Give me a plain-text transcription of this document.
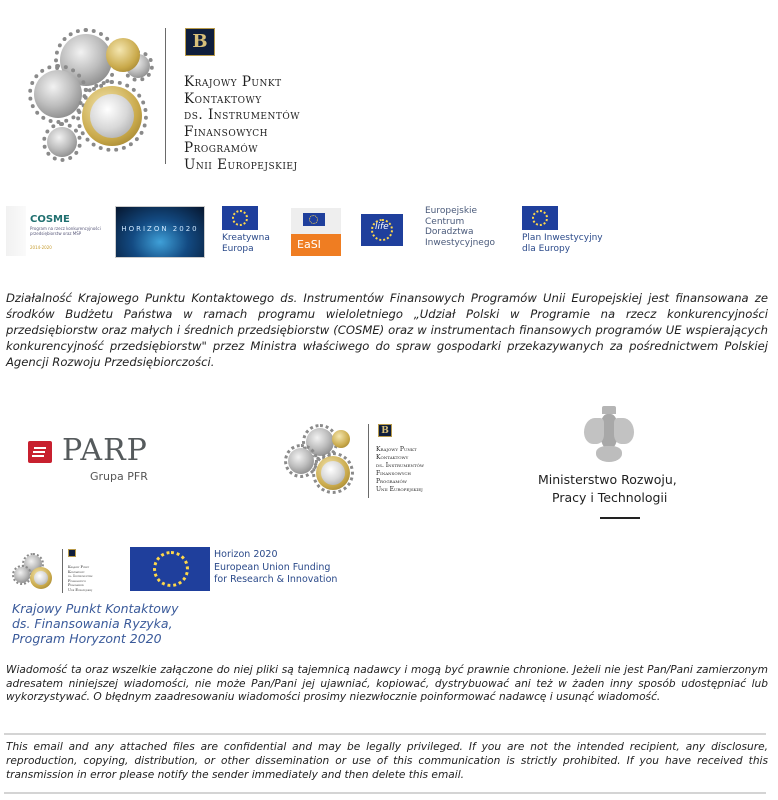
B
Krajowy Punkt
Kontaktowy
ds. Instrumentów
Finansowych
Programów
Unii Europejskiej
COSME
Program na rzecz konkurencyjności przedsiębiorstw oraz MŚP
2014-2020
HORIZON 2020
Kreatywna
Europa	EaSI
life
Europejskie
Centrum
Doradztwa
Inwestycyjnego	Plan Inwestycyjny
dla Europy

Działalność Krajowego Punktu Kontaktowego ds. Instrumentów Finansowych Programów Unii Europejskiej jest finansowana ze środków Budżetu Państwa w ramach programu wieloletniego „Udział Polski w Programie na rzecz konkurencyjności przedsiębiorstw oraz małych i średnich przedsiębiorstw (COSME) oraz w instrumentach finansowych programów UE wspierających konkurencyjność przedsiębiorstw" przez Ministra właściwego do spraw gospodarki przekazywanych za pośrednictwem Polskiej Agencji Rozwoju Przedsiębiorczości.

PARP
Grupa PFR
B
Krajowy Punkt
Kontaktowy
ds. Instrumentów
Finansowych
Programów
Unii Europejskiej
Ministerstwo Rozwoju,
Pracy i Technologii
Krajowy Punkt
Kontaktowy
ds. Instrumentów
Finansowych
Programów
Unii Europejskiej
Horizon 2020
European Union Funding
for Research & Innovation
Krajowy Punkt Kontaktowy
ds. Finansowania Ryzyka,
Program Horyzont 2020

Wiadomość ta oraz wszelkie załączone do niej pliki są tajemnicą nadawcy i mogą być prawnie chronione. Jeżeli nie jest Pan/Pani zamierzonym adresatem niniejszej wiadomości, nie może Pan/Pani jej ujawniać, kopiować, dystrybuować ani też w żaden inny sposób udostępniać lub wykorzystywać. O błędnym zaadresowaniu wiadomości prosimy niezwłocznie poinformować nadawcę i usunąć wiadomość.

This email and any attached files are confidential and may be legally privileged. If you are not the intended recipient, any disclosure, reproduction, copying, distribution, or other dissemination or use of this communication is strictly prohibited. If you have received this transmission in error please notify the sender immediately and then delete this email.
